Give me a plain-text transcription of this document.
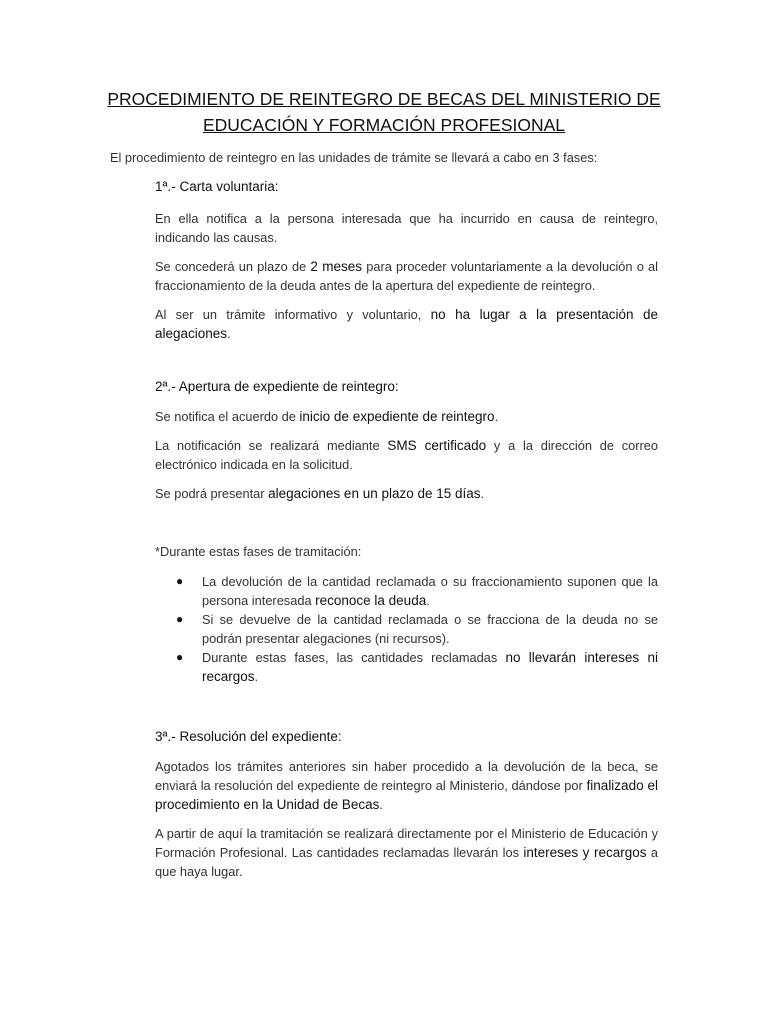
PROCEDIMIENTO DE REINTEGRO DE BECAS DEL MINISTERIO DE
EDUCACIÓN Y FORMACIÓN PROFESIONAL

El procedimiento de reintegro en las unidades de trámite se llevará a cabo en 3 fases:

1ª.- Carta voluntaria:

En ella notifica a la persona interesada que ha incurrido en causa de reintegro, indicando las causas.

Se concederá un plazo de 2 meses para proceder voluntariamente a la devolución o al fraccionamiento de la deuda antes de la apertura del expediente de reintegro.

Al ser un trámite informativo y voluntario, no ha lugar a la presentación de alegaciones.

2ª.- Apertura de expediente de reintegro:

Se notifica el acuerdo de inicio de expediente de reintegro.

La notificación se realizará mediante SMS certificado y a la dirección de correo electrónico indicada en la solicitud.

Se podrá presentar alegaciones en un plazo de 15 días.

*Durante estas fases de tramitación:

● La devolución de la cantidad reclamada o su fraccionamiento suponen que la persona interesada reconoce la deuda.
● Si se devuelve de la cantidad reclamada o se fracciona de la deuda no se podrán presentar alegaciones (ni recursos).
● Durante estas fases, las cantidades reclamadas no llevarán intereses ni recargos.
3ª.- Resolución del expediente:

Agotados los trámites anteriores sin haber procedido a la devolución de la beca, se enviará la resolución del expediente de reintegro al Ministerio, dándose por finalizado el procedimiento en la Unidad de Becas.

A partir de aquí la tramitación se realizará directamente por el Ministerio de Educación y Formación Profesional. Las cantidades reclamadas llevarán los intereses y recargos a que haya lugar.
